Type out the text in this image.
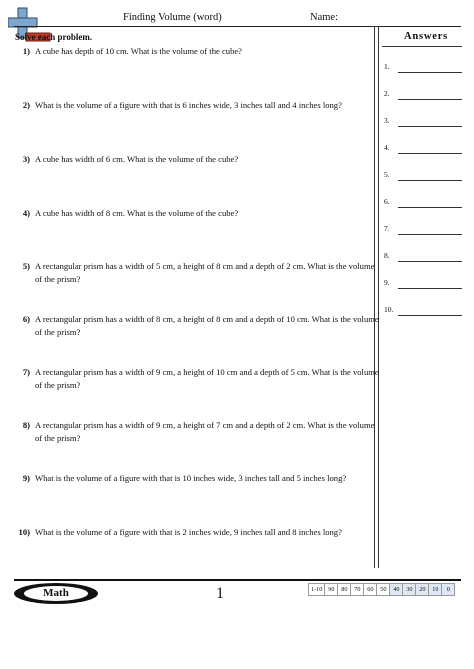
Finding Volume (word)	Name:
Solve each problem.	Answers
1) A cube has depth of 10 cm. What is the volume of the cube?
2) What is the volume of a figure with that is 6 inches wide, 3 inches tall and 4 inches long?
3) A cube has width of 6 cm. What is the volume of the cube?
4) A cube has width of 8 cm. What is the volume of the cube?
5) A rectangular prism has a width of 5 cm, a height of 8 cm and a depth of 2 cm. What is the volume of the prism?
6) A rectangular prism has a width of 8 cm, a height of 8 cm and a depth of 10 cm. What is the volume of the prism?
7) A rectangular prism has a width of 9 cm, a height of 10 cm and a depth of 5 cm. What is the volume of the prism?
8) A rectangular prism has a width of 9 cm, a height of 7 cm and a depth of 2 cm. What is the volume of the prism?
9) What is the volume of a figure with that is 10 inches wide, 3 inches tall and 5 inches long?
10) What is the volume of a figure with that is 2 inches wide, 9 inches tall and 8 inches long?
1.
2.
3.
4.
5.
6.
7.
8.
9.
10.
Math	1	1-10 90	80	70	60	50	40	30	20	10	0
